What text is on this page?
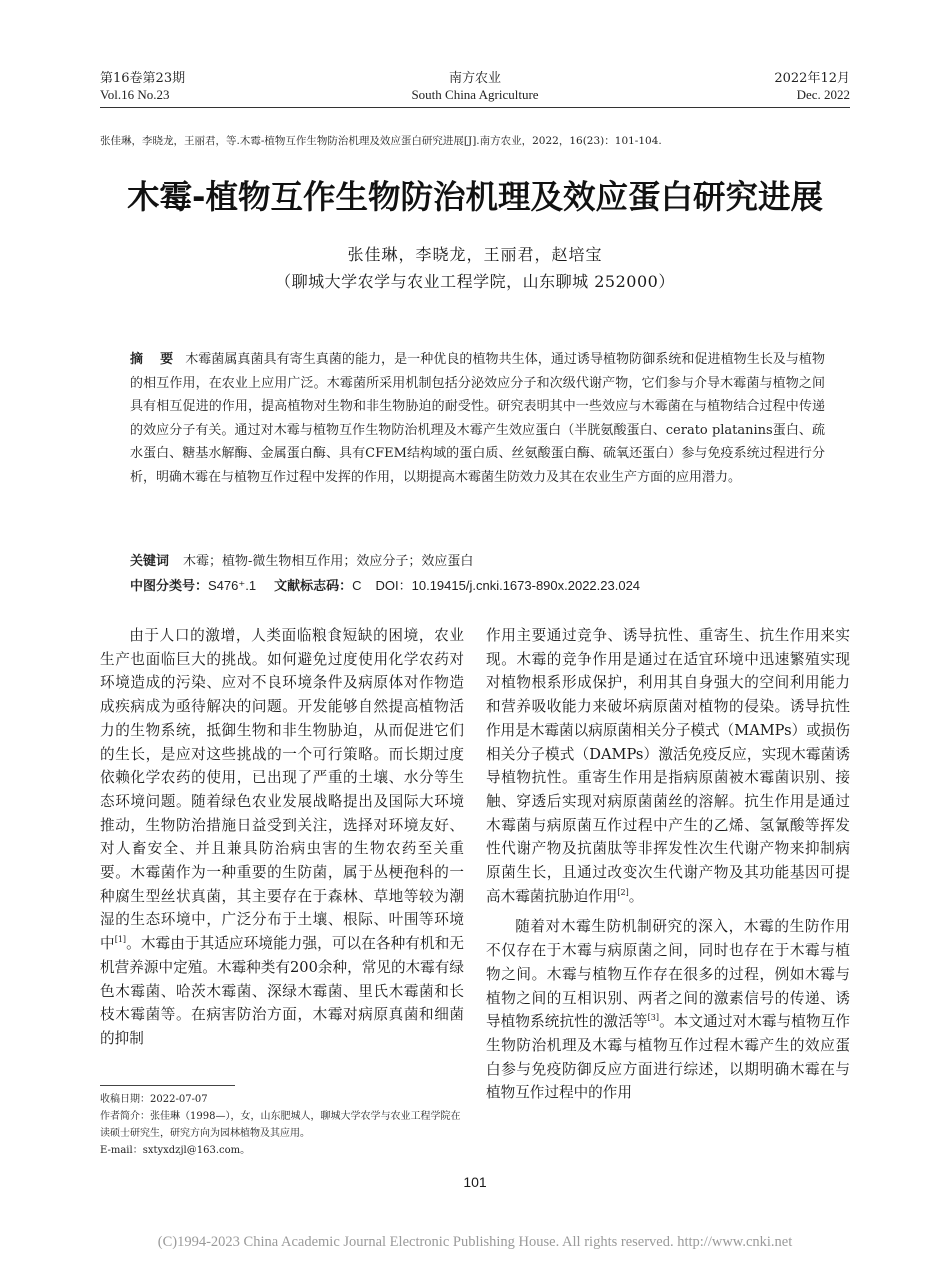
第16卷第23期
Vol.16 No.23
南方农业
South China Agriculture
2022年12月
Dec. 2022
张佳琳，李晓龙，王丽君，等.木霉-植物互作生物防治机理及效应蛋白研究进展[J].南方农业，2022，16(23)：101-104.
木霉-植物互作生物防治机理及效应蛋白研究进展
张佳琳，李晓龙，王丽君，赵培宝
（聊城大学农学与农业工程学院，山东聊城 252000）
摘　要 木霉菌属真菌具有寄生真菌的能力，是一种优良的植物共生体，通过诱导植物防御系统和促进植物生长及与植物的相互作用，在农业上应用广泛。木霉菌所采用机制包括分泌效应分子和次级代谢产物，它们参与介导木霉菌与植物之间具有相互促进的作用，提高植物对生物和非生物胁迫的耐受性。研究表明其中一些效应与木霉菌在与植物结合过程中传递的效应分子有关。通过对木霉与植物互作生物防治机理及木霉产生效应蛋白（半胱氨酸蛋白、cerato platanins蛋白、疏水蛋白、糖基水解酶、金属蛋白酶、具有CFEM结构域的蛋白质、丝氨酸蛋白酶、硫氧还蛋白）参与免疫系统过程进行分析，明确木霉在与植物互作过程中发挥的作用，以期提高木霉菌生防效力及其在农业生产方面的应用潜力。
关键词 木霉；植物-微生物相互作用；效应分子；效应蛋白
中图分类号：S476⁺.1 文献标志码：C DOI：10.19415/j.cnki.1673-890x.2022.23.024

由于人口的激增，人类面临粮食短缺的困境，农业生产也面临巨大的挑战。如何避免过度使用化学农药对环境造成的污染、应对不良环境条件及病原体对作物造成疾病成为亟待解决的问题。开发能够自然提高植物活力的生物系统，抵御生物和非生物胁迫，从而促进它们的生长，是应对这些挑战的一个可行策略。而长期过度依赖化学农药的使用，已出现了严重的土壤、水分等生态环境问题。随着绿色农业发展战略提出及国际大环境推动，生物防治措施日益受到关注，选择对环境友好、对人畜安全、并且兼具防治病虫害的生物农药至关重要。木霉菌作为一种重要的生防菌，属于丛梗孢科的一种腐生型丝状真菌，其主要存在于森林、草地等较为潮湿的生态环境中，广泛分布于土壤、根际、叶围等环境中[1]。木霉由于其适应环境能力强，可以在各种有机和无机营养源中定殖。木霉种类有200余种，常见的木霉有绿色木霉菌、哈茨木霉菌、深绿木霉菌、里氏木霉菌和长枝木霉菌等。在病害防治方面，木霉对病原真菌和细菌的抑制

作用主要通过竞争、诱导抗性、重寄生、抗生作用来实现。木霉的竞争作用是通过在适宜环境中迅速繁殖实现对植物根系形成保护，利用其自身强大的空间利用能力和营养吸收能力来破坏病原菌对植物的侵染。诱导抗性作用是木霉菌以病原菌相关分子模式（MAMPs）或损伤相关分子模式（DAMPs）激活免疫反应，实现木霉菌诱导植物抗性。重寄生作用是指病原菌被木霉菌识别、接触、穿透后实现对病原菌菌丝的溶解。抗生作用是通过木霉菌与病原菌互作过程中产生的乙烯、氢氰酸等挥发性代谢产物及抗菌肽等非挥发性次生代谢产物来抑制病原菌生长，且通过改变次生代谢产物及其功能基因可提高木霉菌抗胁迫作用[2]。

随着对木霉生防机制研究的深入，木霉的生防作用不仅存在于木霉与病原菌之间，同时也存在于木霉与植物之间。木霉与植物互作存在很多的过程，例如木霉与植物之间的互相识别、两者之间的激素信号的传递、诱导植物系统抗性的激活等[3]。本文通过对木霉与植物互作生物防治机理及木霉与植物互作过程木霉产生的效应蛋白参与免疫防御反应方面进行综述，以期明确木霉在与植物互作过程中的作用

收稿日期：2022-07-07
作者简介：张佳琳（1998—），女，山东肥城人，聊城大学农学与农业工程学院在读硕士研究生，研究方向为园林植物及其应用。
E-mail：sxtyxdzjl@163.com。
101
(C)1994-2023 China Academic Journal Electronic Publishing House. All rights reserved. http://www.cnki.net
